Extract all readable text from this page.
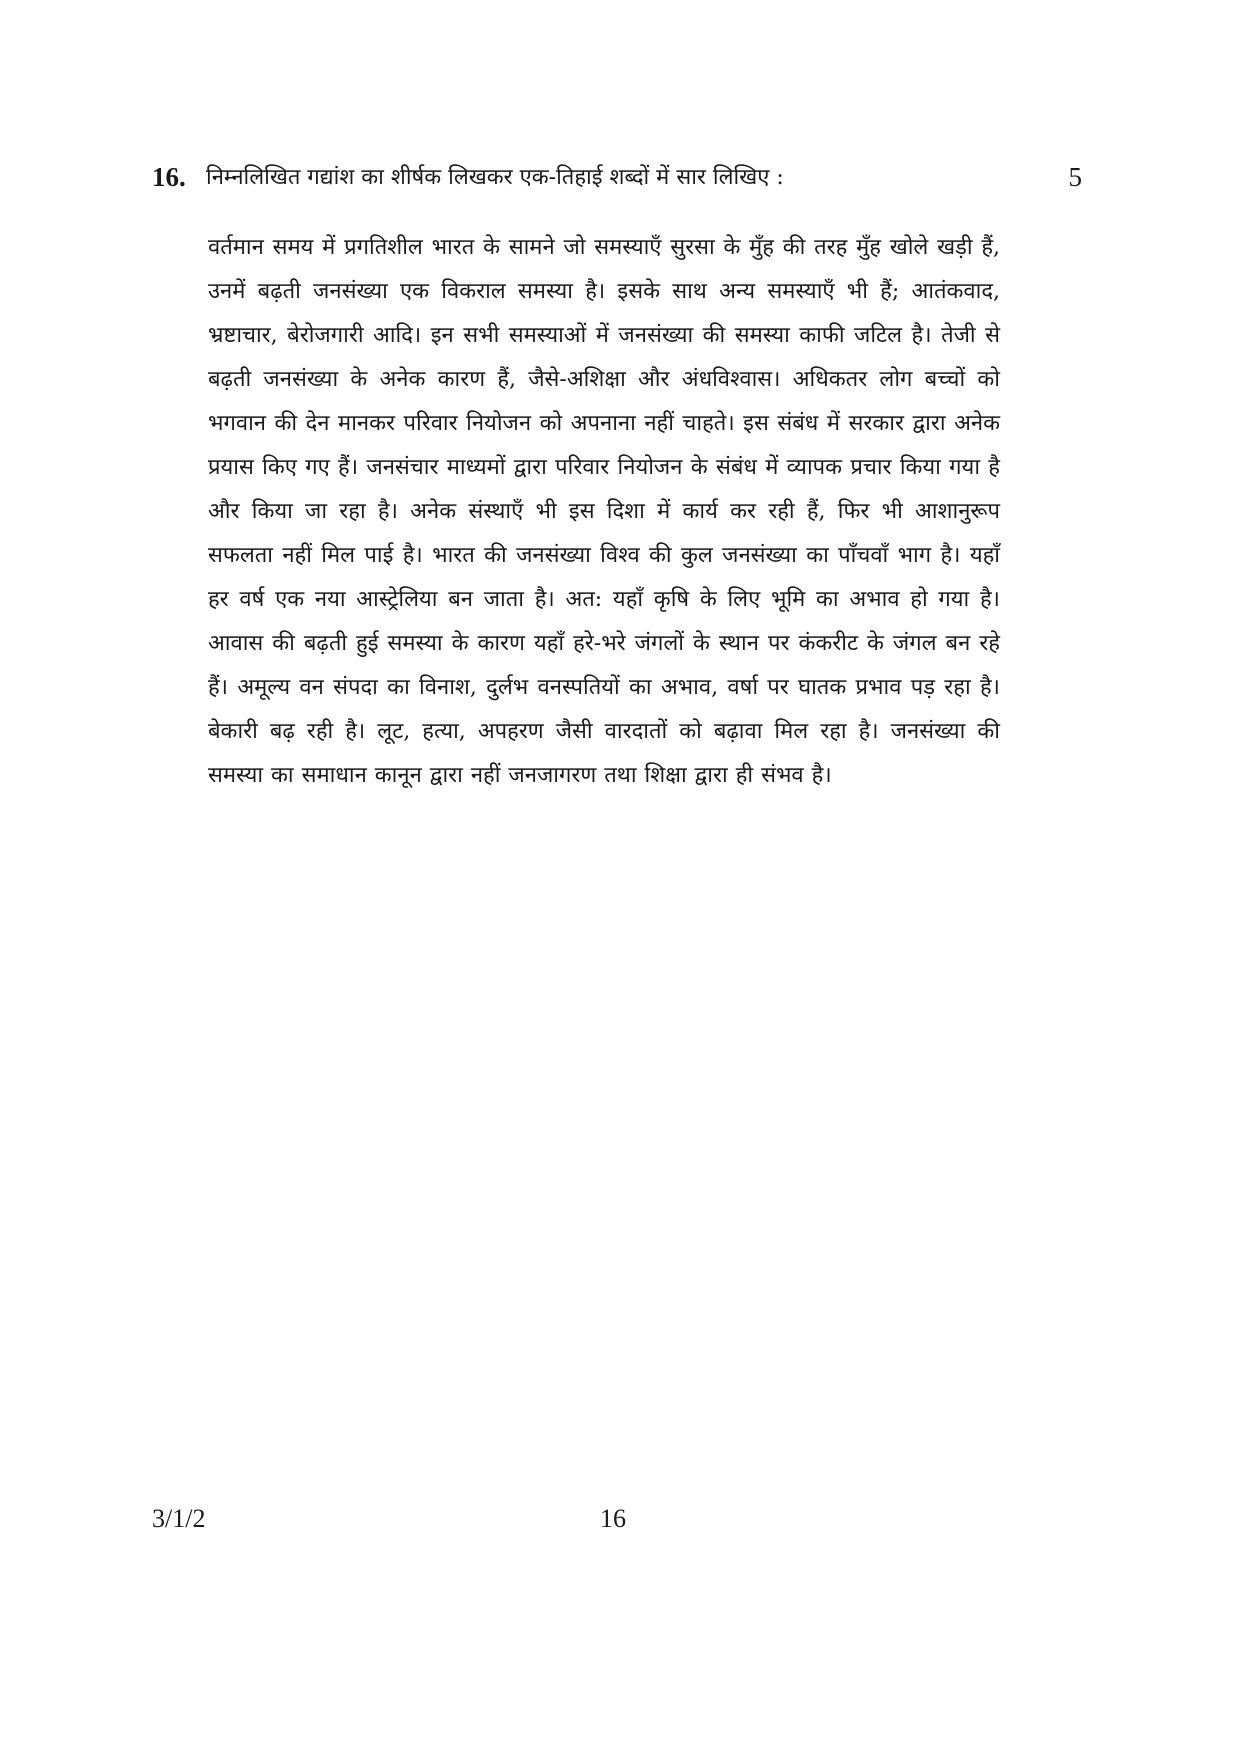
16. निम्नलिखित गद्यांश का शीर्षक लिखकर एक-तिहाई शब्दों में सार लिखिए :	5

वर्तमान समय में प्रगतिशील भारत के सामने जो समस्याएँ सुरसा के मुँह की तरह मुँह खोले खड़ी हैं, उनमें बढ़ती जनसंख्या एक विकराल समस्या है। इसके साथ अन्य समस्याएँ भी हैं; आतंकवाद, भ्रष्टाचार, बेरोजगारी आदि। इन सभी समस्याओं में जनसंख्या की समस्या काफी जटिल है। तेजी से बढ़ती जनसंख्या के अनेक कारण हैं, जैसे-अशिक्षा और अंधविश्वास। अधिकतर लोग बच्चों को भगवान की देन मानकर परिवार नियोजन को अपनाना नहीं चाहते। इस संबंध में सरकार द्वारा अनेक प्रयास किए गए हैं। जनसंचार माध्यमों द्वारा परिवार नियोजन के संबंध में व्यापक प्रचार किया गया है और किया जा रहा है। अनेक संस्थाएँ भी इस दिशा में कार्य कर रही हैं, फिर भी आशानुरूप सफलता नहीं मिल पाई है। भारत की जनसंख्या विश्व की कुल जनसंख्या का पाँचवाँ भाग है। यहाँ हर वर्ष एक नया आस्ट्रेलिया बन जाता है। अत: यहाँ कृषि के लिए भूमि का अभाव हो गया है। आवास की बढ़ती हुई समस्या के कारण यहाँ हरे-भरे जंगलों के स्थान पर कंकरीट के जंगल बन रहे हैं। अमूल्य वन संपदा का विनाश, दुर्लभ वनस्पतियों का अभाव, वर्षा पर घातक प्रभाव पड़ रहा है। बेकारी बढ़ रही है। लूट, हत्या, अपहरण जैसी वारदातों को बढ़ावा मिल रहा है। जनसंख्या की समस्या का समाधान कानून द्वारा नहीं जनजागरण तथा शिक्षा द्वारा ही संभव है।

3/1/2	16
